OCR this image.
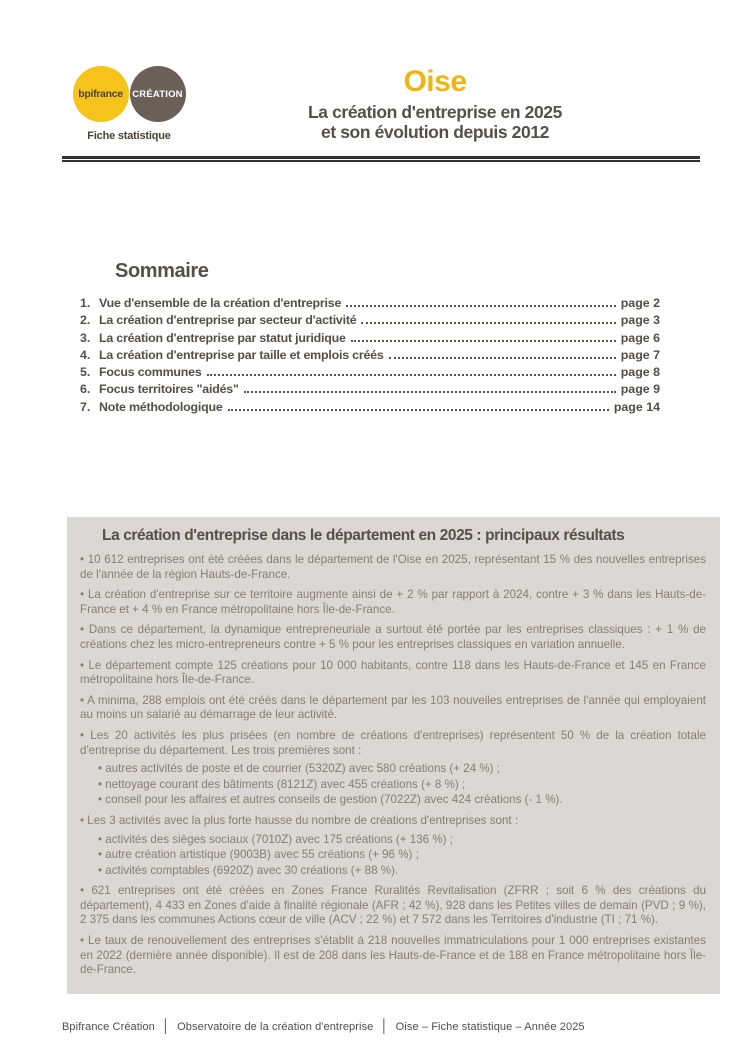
bpifrance CRÉATION
Fiche statistique
Oise
La création d'entreprise en 2025
et son évolution depuis 2012
Sommaire
1. Vue d'ensemble de la création d'entreprise	page 2
2. La création d'entreprise par secteur d'activité	page 3
3. La création d'entreprise par statut juridique	page 6
4. La création d'entreprise par taille et emplois créés	page 7
5. Focus communes	page 8
6. Focus territoires "aidés"	page 9
7. Note méthodologique	page 14
La création d'entreprise dans le département en 2025 : principaux résultats

• 10 612 entreprises ont été créées dans le département de l'Oise en 2025, représentant 15 % des nouvelles entreprises de l'année de la région Hauts-de-France.

• La création d'entreprise sur ce territoire augmente ainsi de + 2 % par rapport à 2024, contre + 3 % dans les Hauts-de-France et + 4 % en France métropolitaine hors Île-de-France.

• Dans ce département, la dynamique entrepreneuriale a surtout été portée par les entreprises classiques : + 1 % de créations chez les micro-entrepreneurs contre + 5 % pour les entreprises classiques en variation annuelle.

• Le département compte 125 créations pour 10 000 habitants, contre 118 dans les Hauts-de-France et 145 en France métropolitaine hors Île-de-France.

• A minima, 288 emplois ont été créés dans le département par les 103 nouvelles entreprises de l'année qui employaient au moins un salarié au démarrage de leur activité.

• Les 20 activités les plus prisées (en nombre de créations d'entreprises) représentent 50 % de la création totale d'entreprise du département. Les trois premières sont :

• autres activités de poste et de courrier (5320Z) avec 580 créations (+ 24 %) ;

• nettoyage courant des bâtiments (8121Z) avec 455 créations (+ 8 %) ;

• conseil pour les affaires et autres conseils de gestion (7022Z) avec 424 créations (- 1 %).

• Les 3 activités avec la plus forte hausse du nombre de créations d'entreprises sont :

• activités des sièges sociaux (7010Z) avec 175 créations (+ 136 %) ;

• autre création artistique (9003B) avec 55 créations (+ 96 %) ;

• activités comptables (6920Z) avec 30 créations (+ 88 %).

• 621 entreprises ont été créées en Zones France Ruralités Revitalisation (ZFRR ; soit 6 % des créations du département), 4 433 en Zones d'aide à finalité régionale (AFR ; 42 %), 928 dans les Petites villes de demain (PVD ; 9 %), 2 375 dans les communes Actions cœur de ville (ACV ; 22 %) et 7 572 dans les Territoires d'industrie (TI ; 71 %).

• Le taux de renouvellement des entreprises s'établit à 218 nouvelles immatriculations pour 1 000 entreprises existantes en 2022 (dernière année disponible). Il est de 208 dans les Hauts-de-France et de 188 en France métropolitaine hors Île-de-France.

Bpifrance Création │ Observatoire de la création d'entreprise │ Oise – Fiche statistique – Année 2025
